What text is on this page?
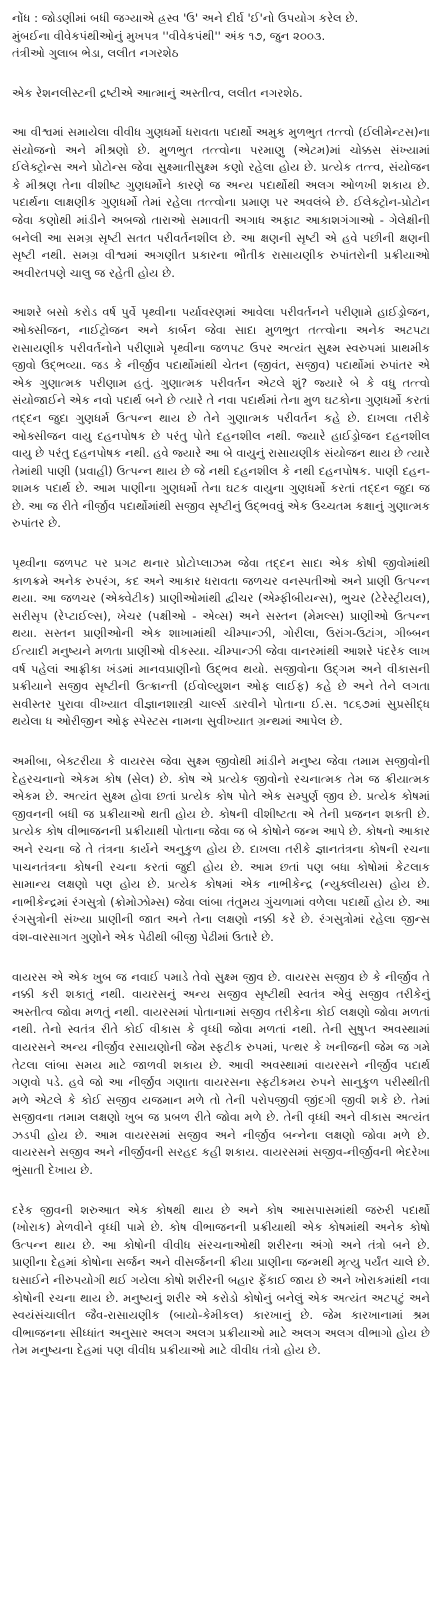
નોંધ : જોડણીમાં બધી જગ્યાએ હ્રસ્વ 'ઉ' અને દીર્ઘ 'ઈ'નો ઉપયોગ કરેલ છે.

મુંબઈના વીવેકપંથીઓનું મુખપત્ર ''વીવેકપંથી'' અંક ૧૭, જુન ૨૦૦૩.

તંત્રીઓ ગુલાબ ભેડા, લલીત નગરશેઠ

એક રેશનલીસ્ટની દ્રષ્ટીએ આત્માનું અસ્તીત્વ, લલીત નગરશેઠ.

આ વીશ્વમાં સમાયેલા વીવીધ ગુણધર્મો ધરાવતા પદાર્થો અમુક મુળભુત તત્ત્વો (ઈલીમેન્ટસ)ના સંયોજનો અને મીશ્રણો છે. મુળભુત તત્ત્વોના પરમાણુ (એટમ)માં ચોક્કસ સંખ્યામાં ઈલેક્ટ્રોન્સ અને પ્રોટોન્સ જેવા સુક્ષ્માતીસુક્ષ્મ કણો રહેલા હોય છે. પ્રત્યેક તત્ત્વ, સંયોજન કે મીશ્રણ તેના વીશીષ્ટ ગુણધર્મોને કારણે જ અન્ય પદાર્થોથી અલગ ઓળખી શકાય છે. પદાર્થના લાક્ષણીક ગુણધર્મો તેમાં રહેલા તત્ત્વોના પ્રમાણ પર અવલંબે છે. ઈલેક્ટ્રોન-પ્રોટોન જેવા કણોથી માંડીને અબજો તારાઓ સમાવતી અગાધ અફાટ આકાશગંગાઓ - ગેલેક્ષીની બનેલી આ સમગ્ર સૃષ્ટી સતત પરીવર્તનશીલ છે. આ ક્ષણની સૃષ્ટી એ હવે પછીની ક્ષણની સૃષ્ટી નથી. સમગ્ર વીશ્વમાં અગણીત પ્રકારના ભૌતીક રાસાયણીક રુપાંતરોની પ્રક્રીયાઓ અવીરતપણે ચાલુ જ રહેતી હોય છે.

આશરે બસો કરોડ વર્ષ પુર્વે પૃથ્વીના પર્યાવરણમાં આવેલા પરીવર્તનને પરીણામે હાઈડ્રોજન, ઓક્સીજન, નાઈટ્રોજન અને કાર્બન જેવા સાદા મુળભુત તત્ત્વોના અનેક અટપટા રાસાયણીક પરીવર્તનોને પરીણામે પૃથ્વીના જળપટ ઉપર અત્યંત સુક્ષ્મ સ્વરુપમાં પ્રાથમીક જીવો ઉદ્ભવ્યા. જડ કે નીર્જીવ પદાર્થોમાંથી ચેતન (જીવંત, સજીવ) પદાર્થોમાં રુપાંતર એ એક ગુણાત્મક પરીણામ હતું. ગુણાત્મક પરીવર્તન એટલે શું? જ્યારે બે કે વધુ તત્ત્વો સંયોજાઈને એક નવો પદાર્થ બને છે ત્યારે તે નવા પદાર્થમાં તેના મુળ ઘટકોના ગુણધર્મો કરતાં તદ્દન જુદા ગુણધર્મ ઉત્પન્ન થાય છે તેને ગુણાત્મક પરીવર્તન કહે છે. દાખલા તરીકે ઓક્સીજન વાયુ દહનપોષક છે પરંતુ પોતે દહનશીલ નથી. જ્યારે હાઈડ્રોજન દહનશીલ વાયુ છે પરંતુ દહનપોષક નથી. હવે જ્યારે આ બે વાયુનું રાસાયણીક સંયોજન થાય છે ત્યારે તેમાંથી પાણી (પ્રવાહી) ઉત્પન્ન થાય છે જે નથી દહનશીલ કે નથી દહનપોષક. પાણી દહન-શામક પદાર્થ છે. આમ પાણીના ગુણધર્મો તેના ઘટક વાયુના ગુણધર્મો કરતાં તદ્દન જુદા જ છે. આ જ રીતે નીર્જીવ પદાર્થોમાંથી સજીવ સૃષ્ટીનું ઉદ્ભવવું એક ઉચ્ચતમ કક્ષાનું ગુણાત્મક રુપાંતર છે.

પૃથ્વીના જળપટ પર પ્રગટ થનાર પ્રોટોપ્લાઝમ જેવા તદ્દન સાદા એક કોષી જીવોમાંથી કાળક્રમે અનેક રુપરંગ, કદ અને આકાર ધરાવતા જળચર વનસ્પતીઓ અને પ્રાણી ઉત્પન્ન થયા. આ જળચર (એક્વેટીક) પ્રાણીઓમાંથી દ્વીચર (એમ્ફીબીયન્સ), ભુચર (ટેરેસ્ટ્રીયલ), સરીસૃપ (રેપ્ટાઈલ્સ), ખેચર (પક્ષીઓ - એવ્સ) અને સસ્તન (મેમલ્સ) પ્રાણીઓ ઉત્પન્ન થયા. સસ્તન પ્રાણીઓની એક શાખામાંથી ચીમ્પાન્ઝી, ગોરીલા, ઉરાંગ-ઉટાંગ, ગીબ્બન ઈત્યાદી મનુષ્યને મળતા પ્રાણીઓ વીકસ્યા. ચીમ્પાન્ઝી જેવા વાનરમાંથી આશરે પંદરેક લાખ વર્ષ પહેલાં આફ્રીકા ખંડમાં માનવપ્રાણીનો ઉદ્ભવ થયો. સજીવોના ઉદ્ગમ અને વીકાસની પ્રક્રીયાને સજીવ સૃષ્ટીની ઉત્ક્રાન્તી (ઈવોલ્યુશન ઓફ લાઈફ) કહે છે અને તેને લગતા સવીસ્તર પુરાવા વીખ્યાત વીજ્ઞાનશાસ્ત્રી ચાર્લ્સ ડારવીને પોતાના ઈ.સ. ૧૮૬૭માં સુપ્રસીદ્ધ થયેલા ધ ઓરીજીન ઓફ સ્પેસ્ટસ નામના સુવીખ્યાત ગ્રન્થમાં આપેલ છે.

અમીબા, બેક્ટરીયા કે વાયરસ જેવા સુક્ષ્મ જીવોથી માંડીને મનુષ્ય જેવા તમામ સજીવોની દેહરચનાનો એકમ કોષ (સેલ) છે. કોષ એ પ્રત્યેક જીવોનો રચનાત્મક તેમ જ ક્રીયાત્મક એકમ છે. અત્યંત સુક્ષ્મ હોવા છતાં પ્રત્યેક કોષ પોતે એક સમ્પુર્ણ જીવ છે. પ્રત્યેક કોષમાં જીવનની બધી જ પ્રક્રીયાઓ થતી હોય છે. કોષની વીશીષ્ટતા એ તેની પ્રજનન શક્તી છે. પ્રત્યેક કોષ વીભાજનની પ્રક્રીયાથી પોતાના જેવા જ બે કોષોને જન્મ આપે છે. કોષનો આકાર અને રચના જે તે તંત્રના કાર્યને અનુકુળ હોય છે. દાખલા તરીકે જ્ઞાનતંત્રના કોષની રચના પાચનતંત્રના કોષની રચના કરતાં જુદી હોય છે. આમ છતાં પણ બધા કોષોમાં કેટલાક સામાન્ય લક્ષણો પણ હોય છે. પ્રત્યેક કોષમાં એક નાભીકેન્દ્ર (ન્યુક્લીયસ) હોય છે. નાભીકેન્દ્રમાં રંગસુત્રો (ક્રોમોઝોમ્સ) જેવા લાંબા તંતુમય ગુંચળામાં વળેલા પદાર્થો હોય છે. આ રંગસુત્રોની સંખ્યા પ્રાણીની જાત અને તેના લક્ષણો નક્કી કરે છે. રંગસુત્રોમાં રહેલા જીન્સ વંશ-વારસાગત ગુણોને એક પેઢીથી બીજી પેઢીમાં ઉતારે છે.

વાયરસ એ એક ખુબ જ નવાઈ પમાડે તેવો સુક્ષ્મ જીવ છે. વાયરસ સજીવ છે કે નીર્જીવ તે નક્કી કરી શકાતું નથી. વાયરસનું અન્ય સજીવ સૃષ્ટીથી સ્વતંત્ર એવું સજીવ તરીકેનું અસ્તીત્વ જોવા મળતું નથી. વાયરસમાં પોતાનામાં સજીવ તરીકેના કોઈ લક્ષણો જોવા મળતાં નથી. તેનો સ્વતંત્ર રીતે કોઈ વીકાસ કે વૃધ્ધી જોવા મળતાં નથી. તેની સુષુપ્ત અવસ્થામાં વાયરસને અન્ય નીર્જીવ રસાયણોની જેમ સ્ફટીક રુપમાં, પત્થર કે ખનીજની જેમ જ ગમે તેટલા લાંબા સમય માટે જાળવી શકાય છે. આવી અવસ્થામાં વાયરસને નીર્જીવ પદાર્થ ગણવો પડે. હવે જો આ નીર્જીવ ગણાતા વાયરસના સ્ફટીકમય રુપને સાનુકુળ પરીસ્થીતી મળે એટલે કે કોઈ સજીવ યજમાન મળે તો તેની પરોપજીવી જીંદગી જીવી શકે છે. તેમાં સજીવના તમામ લક્ષણો ખુબ જ પ્રબળ રીતે જોવા મળે છે. તેની વૃધ્ધી અને વીકાસ અત્યંત ઝડપી હોય છે. આમ વાયરસમાં સજીવ અને નીર્જીવ બન્નેના લક્ષણો જોવા મળે છે. વાયરસને સજીવ અને નીર્જીવની સરહદ કહી શકાય. વાયરસમાં સજીવ-નીર્જીવની ભેદરેખા ભુંસાતી દેખાય છે.

દરેક જીવની શરુઆત એક કોષથી થાય છે અને કોષ આસપાસમાંથી જરુરી પદાર્થો (ખોરાક) મેળવીને વૃધ્ધી પામે છે. કોષ વીભાજનની પ્રક્રીયાથી એક કોષમાંથી અનેક કોષો ઉત્પન્ન થાય છે. આ કોષોની વીવીધ સંરચનાઓથી શરીરના અંગો અને તંત્રો બને છે. પ્રાણીના દેહમાં કોષોના સર્જન અને વીસર્જનની ક્રીયા પ્રાણીના જન્મથી મૃત્યુ પર્યંત ચાલે છે. ઘસાઈને નીરુપયોગી થઈ ગયેલા કોષો શરીરની બહાર ફેંકાઈ જાય છે અને ખોરાકમાંથી નવા કોષોની રચના થાય છે. મનુષ્યનું શરીર એ કરોડો કોષોનું બનેલું એક અત્યંત અટપટું અને સ્વયંસંચાલીત જૈવ-રાસાયણીક (બાયો-કેમીકલ) કારખાનું છે. જેમ કારખાનામાં શ્રમ વીભાજનના સીધ્ધાંત અનુસાર અલગ અલગ પ્રક્રીયાઓ માટે અલગ અલગ વીભાગો હોય છે તેમ મનુષ્યના દેહમાં પણ વીવીધ પ્રક્રીયાઓ માટે વીવીધ તંત્રો હોય છે.
